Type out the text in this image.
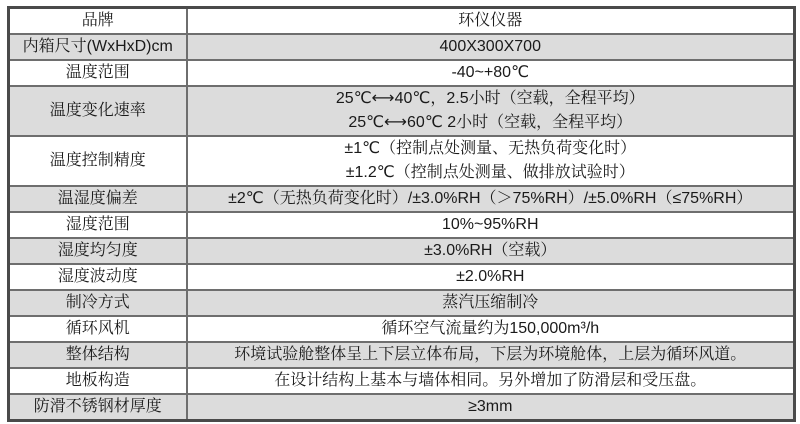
品牌	环仪仪器

内箱尺寸(WxHxD)cm	400X300X700

温度范围	-40~+80℃

温度变化速率	25℃⟷40℃，2.5小时（空载，全程平均）
25℃⟷60℃ 2小时（空载，全程平均）

温度控制精度	±1℃（控制点处测量、无热负荷变化时）
±1.2℃（控制点处测量、做排放试验时）

温湿度偏差	±2℃（无热负荷变化时）/±3.0%RH（＞75%RH）/±5.0%RH（≤75%RH）

湿度范围	10%~95%RH

湿度均匀度	±3.0%RH（空载）

湿度波动度	±2.0%RH

制冷方式	蒸汽压缩制冷

循环风机	循环空气流量约为150,000m³/h

整体结构	环境试验舱整体呈上下层立体布局，下层为环境舱体，上层为循环风道。

地板构造	在设计结构上基本与墙体相同。另外增加了防滑层和受压盘。

防滑不锈钢材厚度	≥3mm
